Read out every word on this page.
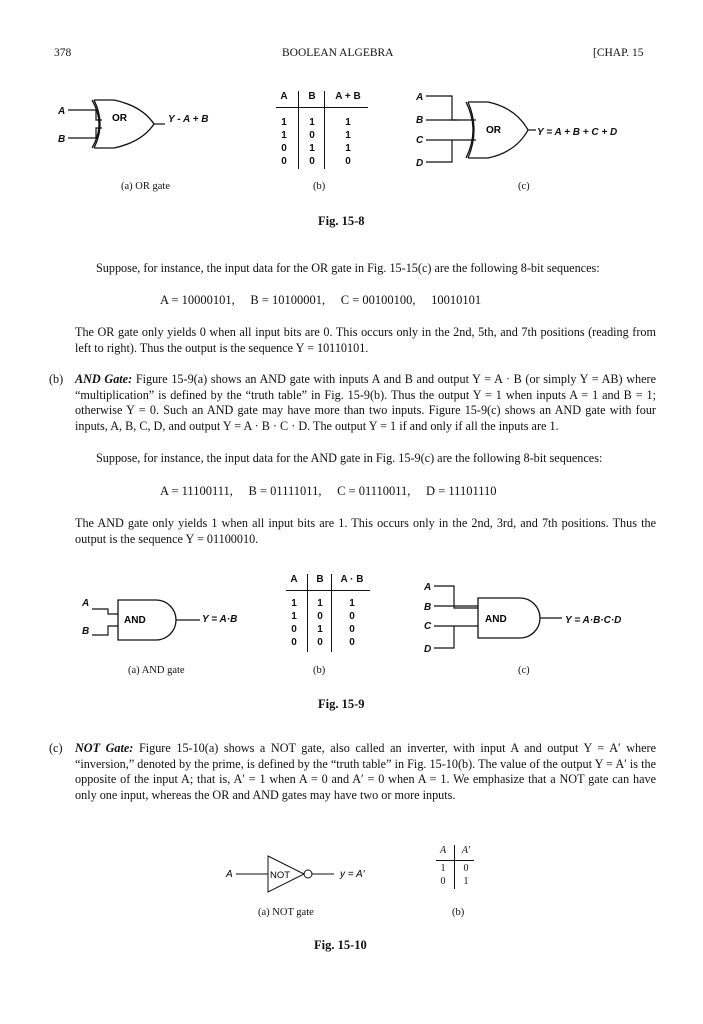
378	BOOLEAN ALGEBRA	[CHAP. 15
A
B
Y - A + B
OR
A	B	A + B
1	1	1
1	0	1
0	1	1
0	0	0
A
B
C
D
Y = A + B + C + D
OR
(a) OR gate	(b)	(c)
Fig. 15-8
Suppose, for instance, the input data for the OR gate in Fig. 15-15(c) are the following 8-bit sequences:
A = 10000101,     B = 10100001,     C = 00100100,     10010101
The OR gate only yields 0 when all input bits are 0. This occurs only in the 2nd, 5th, and 7th positions (reading from left to right). Thus the output is the sequence Y = 10110101.
(b) AND Gate: Figure 15-9(a) shows an AND gate with inputs A and B and output Y = A · B (or simply Y = AB) where “multiplication” is defined by the “truth table” in Fig. 15-9(b). Thus the output Y = 1 when inputs A = 1 and B = 1; otherwise Y = 0. Such an AND gate may have more than two inputs. Figure 15-9(c) shows an AND gate with four inputs, A, B, C, D, and output Y = A · B · C · D. The output Y = 1 if and only if all the inputs are 1.
Suppose, for instance, the input data for the AND gate in Fig. 15-9(c) are the following 8-bit sequences:
A = 11100111,     B = 01111011,     C = 01110011,     D = 11101110
The AND gate only yields 1 when all input bits are 1. This occurs only in the 2nd, 3rd, and 7th positions. Thus the output is the sequence Y = 01100010.
A
B
Y = A·B
AND
A	B	A · B
1	1	1
1	0	0
0	1	0
0	0	0
A
B
C
D
Y = A·B·C·D
AND
(a) AND gate	(b)	(c)
Fig. 15-9
(c) NOT Gate: Figure 15-10(a) shows a NOT gate, also called an inverter, with input A and output Y = A′ where “inversion,” denoted by the prime, is defined by the “truth table” in Fig. 15-10(b). The value of the output Y = A′ is the opposite of the input A; that is, A′ = 1 when A = 0 and A′ = 0 when A = 1. We emphasize that a NOT gate can have only one input, whereas the OR and AND gates may have two or more inputs.
A	NOT	y = A′
A	A′
1	0
0	1
(a) NOT gate	(b)
Fig. 15-10
